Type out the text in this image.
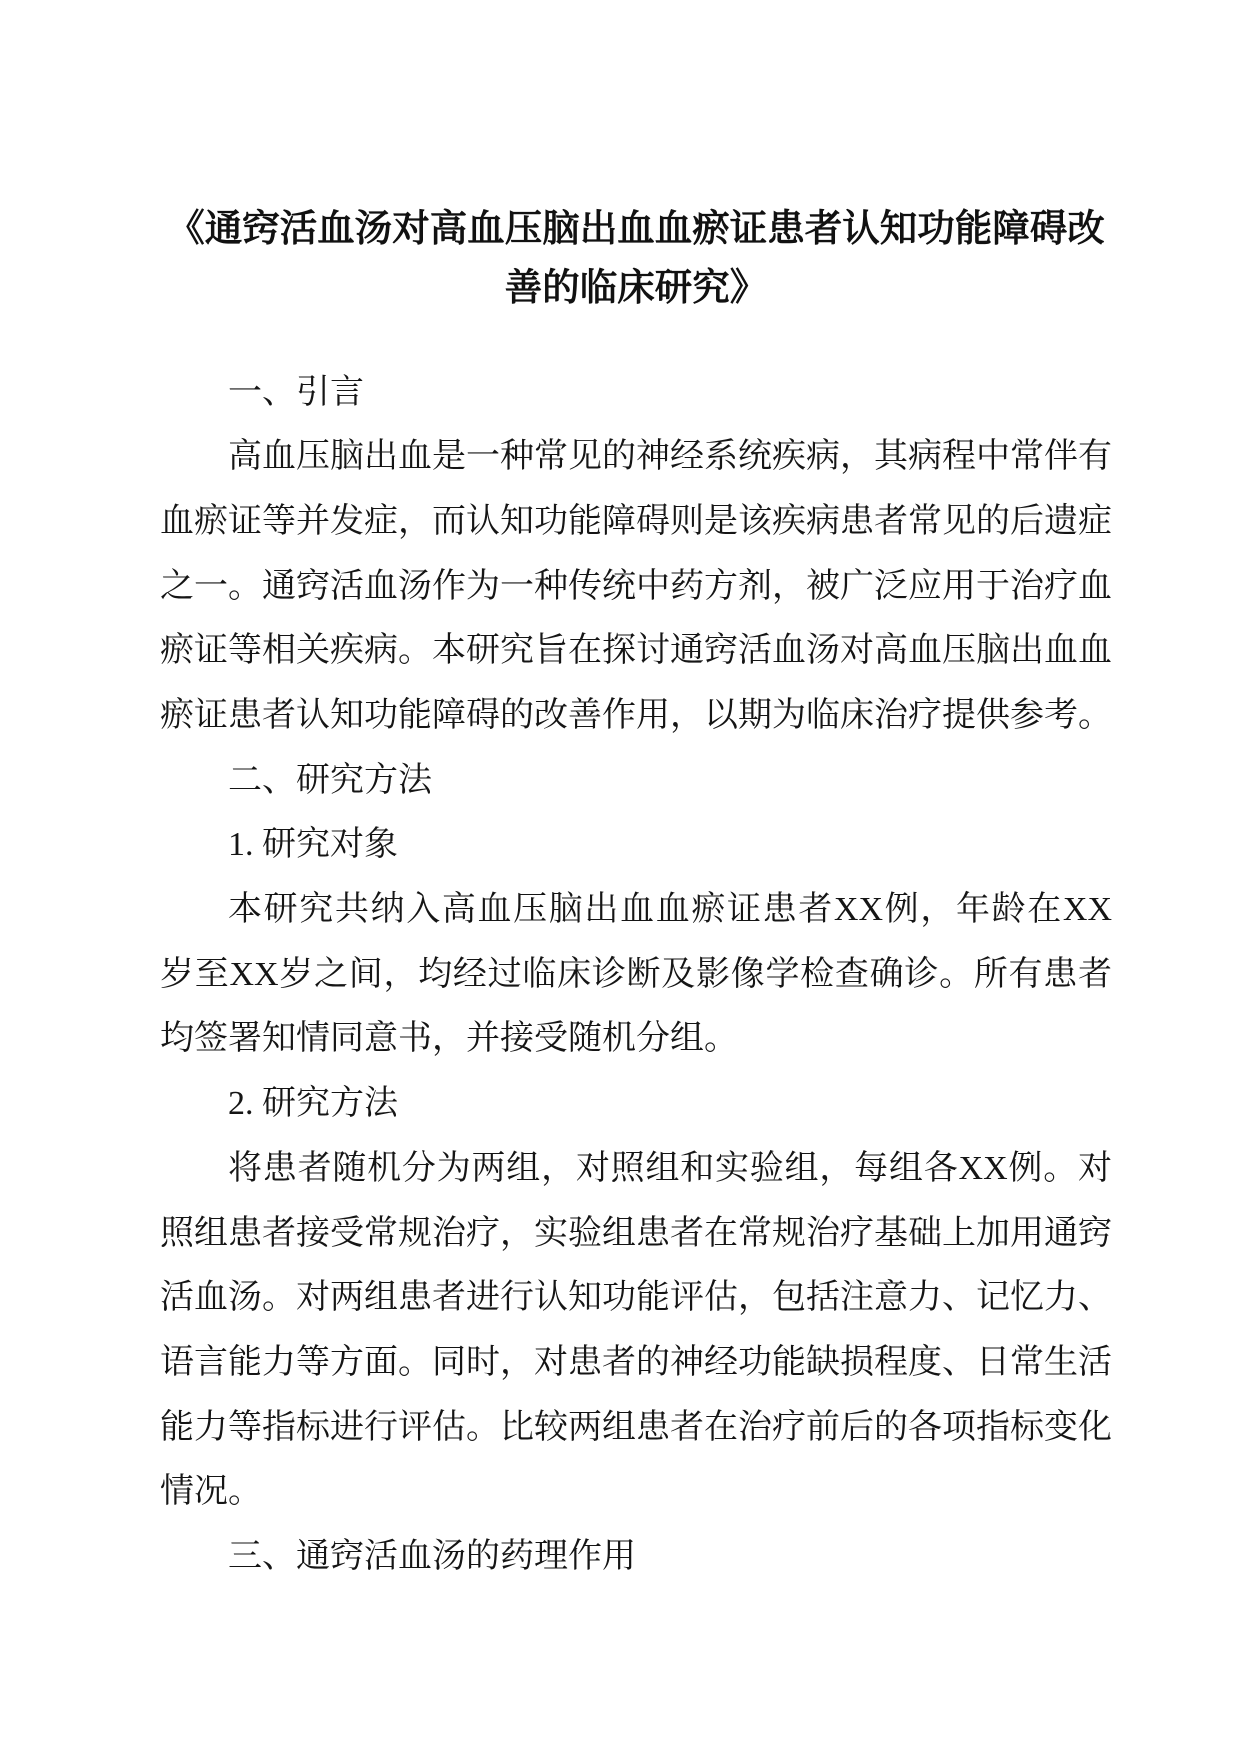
《通窍活血汤对高血压脑出血血瘀证患者认知功能障碍改
善的临床研究》
一、引言
高血压脑出血是一种常见的神经系统疾病，其病程中常伴有
血瘀证等并发症，而认知功能障碍则是该疾病患者常见的后遗症
之一。通窍活血汤作为一种传统中药方剂，被广泛应用于治疗血
瘀证等相关疾病。本研究旨在探讨通窍活血汤对高血压脑出血血
瘀证患者认知功能障碍的改善作用，以期为临床治疗提供参考。
二、研究方法
1. 研究对象
本研究共纳入高血压脑出血血瘀证患者XX例，年龄在XX
岁至XX岁之间，均经过临床诊断及影像学检查确诊。所有患者
均签署知情同意书，并接受随机分组。
2. 研究方法
将患者随机分为两组，对照组和实验组，每组各XX例。对
照组患者接受常规治疗，实验组患者在常规治疗基础上加用通窍
活血汤。对两组患者进行认知功能评估，包括注意力、记忆力、
语言能力等方面。同时，对患者的神经功能缺损程度、日常生活
能力等指标进行评估。比较两组患者在治疗前后的各项指标变化
情况。
三、通窍活血汤的药理作用
